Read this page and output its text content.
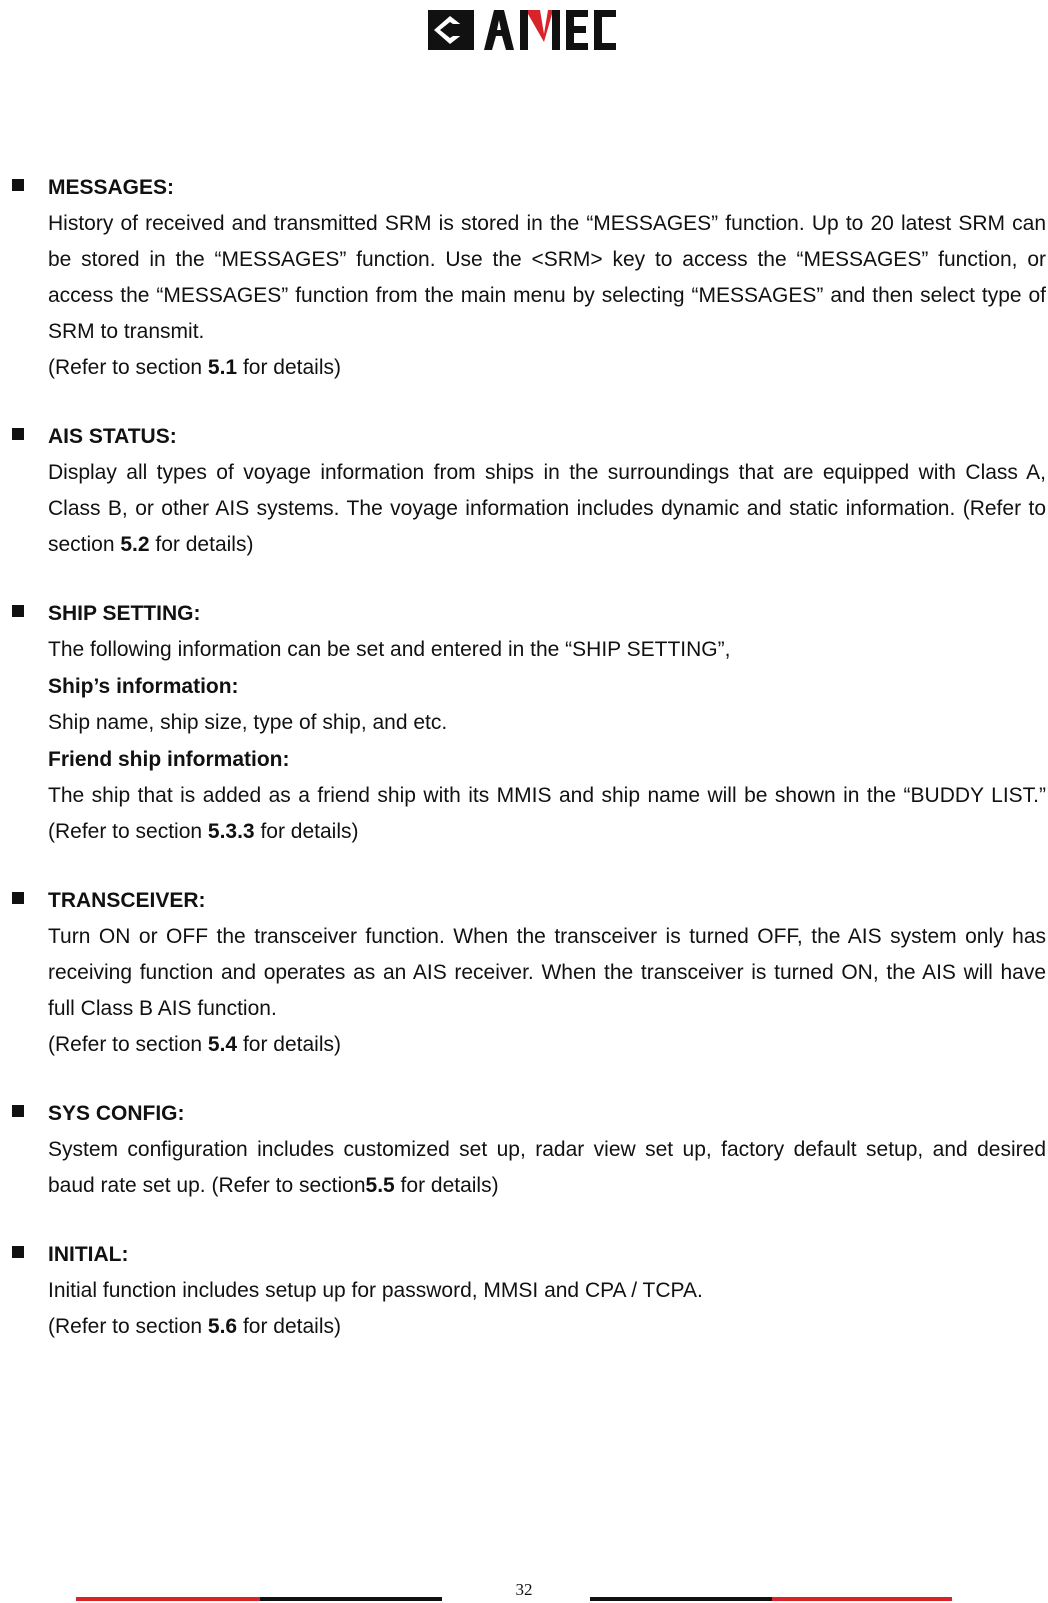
MESSAGES:
History of received and transmitted SRM is stored in the “MESSAGES” function. Up to 20 latest SRM can be stored in the “MESSAGES” function. Use the <SRM> key to access the “MESSAGES” function, or access the “MESSAGES” function from the main menu by selecting “MESSAGES” and then select type of SRM to transmit.
(Refer to section 5.1 for details)
AIS STATUS:
Display all types of voyage information from ships in the surroundings that are equipped with Class A, Class B, or other AIS systems. The voyage information includes dynamic and static information. (Refer to section 5.2 for details)
SHIP SETTING:
The following information can be set and entered in the “SHIP SETTING”,
Ship’s information:
Ship name, ship size, type of ship, and etc.
Friend ship information:
The ship that is added as a friend ship with its MMIS and ship name will be shown in the “BUDDY LIST.” (Refer to section 5.3.3 for details)
TRANSCEIVER:
Turn ON or OFF the transceiver function. When the transceiver is turned OFF, the AIS system only has receiving function and operates as an AIS receiver. When the transceiver is turned ON, the AIS will have full Class B AIS function.
(Refer to section 5.4 for details)
SYS CONFIG:
System configuration includes customized set up, radar view set up, factory default setup, and desired baud rate set up. (Refer to section5.5 for details)
INITIAL:
Initial function includes setup up for password, MMSI and CPA / TCPA.
(Refer to section 5.6 for details)
32
